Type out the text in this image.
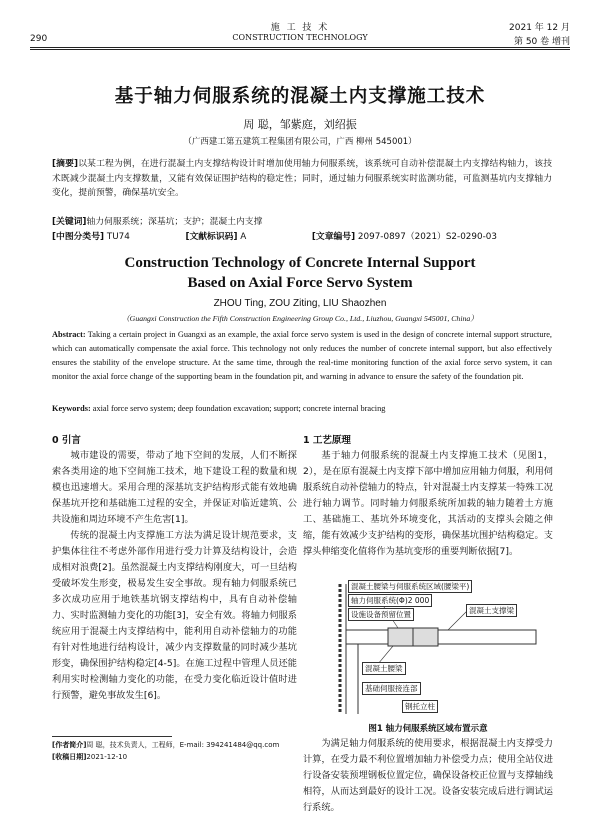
290
施 工 技 术
CONSTRUCTION TECHNOLOGY
2021 年 12 月
第 50 卷 增刊
基于轴力伺服系统的混凝土内支撑施工技术
周 聪，邹紫庭，刘绍振
（广西建工第五建筑工程集团有限公司，广西 柳州 545001）
[摘要]以某工程为例，在进行混凝土内支撑结构设计时增加使用轴力伺服系统，该系统可自动补偿混凝土内支撑结构轴力，该技术既减少混凝土内支撑数量，又能有效保证围护结构的稳定性；同时，通过轴力伺服系统实时监测功能，可监测基坑内支撑轴力变化，提前预警，确保基坑安全。
[关键词]轴力伺服系统；深基坑；支护；混凝土内支撑
[中图分类号] TU74	[文献标识码] A	[文章编号] 2097-0897（2021）S2-0290-03
Construction Technology of Concrete Internal Support
Based on Axial Force Servo System
ZHOU Ting, ZOU Ziting, LIU Shaozhen
（Guangxi Construction the Fifth Construction Engineering Group Co., Ltd., Liuzhou, Guangxi 545001, China）
Abstract: Taking a certain project in Guangxi as an example, the axial force servo system is used in the design of concrete internal support structure, which can automatically compensate the axial force. This technology not only reduces the number of concrete internal support, but also effectively ensures the stability of the envelope structure. At the same time, through the real-time monitoring function of the axial force servo system, it can monitor the axial force change of the supporting beam in the foundation pit, and warning in advance to ensure the safety of the foundation pit.
Keywords: axial force servo system; deep foundation excavation; support; concrete internal bracing
0 引言
城市建设的需要，带动了地下空间的发展，人们不断探索各类用途的地下空间施工技术，地下建设工程的数量和规模也迅速增大。采用合理的深基坑支护结构形式能有效地确保基坑开挖和基础施工过程的安全，并保证对临近建筑、公共设施和周边环境不产生危害[1]。
传统的混凝土内支撑施工方法为满足设计规范要求，支护集体往往不考虑外部作用进行受力计算及结构设计，会造成相对浪费[2]。虽然混凝土内支撑结构刚度大，可一旦结构受破坏发生形变，极易发生安全事故。现有轴力伺服系统已多次成功应用于地铁基坑钢支撑结构中，具有自动补偿轴力、实时监测轴力变化的功能[3]，安全有效。将轴力伺服系统应用于混凝土内支撑结构中，能利用自动补偿轴力的功能有针对性地进行结构设计，减少内支撑数量的同时减少基坑形变，确保围护结构稳定[4-5]。在施工过程中管理人员还能利用实时检测轴力变化的功能，在受力变化临近设计值时进行预警，避免事故发生[6]。
[作者简介]周 聪，技术负责人，工程师，E-mail: 394241484@qq.com
[收稿日期]2021-12-10
1 工艺原理
基于轴力伺服系统的混凝土内支撑施工技术（见图1，2），是在原有混凝土内支撑下部中增加应用轴力伺服，利用伺服系统自动补偿轴力的特点，针对混凝土内支撑某一特殊工况进行轴力调节。同时轴力伺服系统所加载的轴力随着土方施工、基础施工、基坑外环境变化，其活动的支撑头会随之伸缩，能有效减少支护结构的变形，确保基坑围护结构稳定。支撑头伸缩变化值将作为基坑变形的重要判断依据[7]。
混凝土腰梁与伺服系统区域(腰梁平)
轴力伺服系统(Φ)2 000
设施设备预留位置	混凝土支撑梁
混凝土腰梁
基础伺服接连部
钢托立柱
图1 轴力伺服系统区域布置示意
为满足轴力伺服系统的使用要求，根据混凝土内支撑受力计算，在受力最不利位置增加轴力补偿受力点；使用全站仪进行设备安装预埋钢板位置定位，确保设备校正位置与支撑轴线相符，从而达到最好的设计工况。设备安装完成后进行调试运行系统。
